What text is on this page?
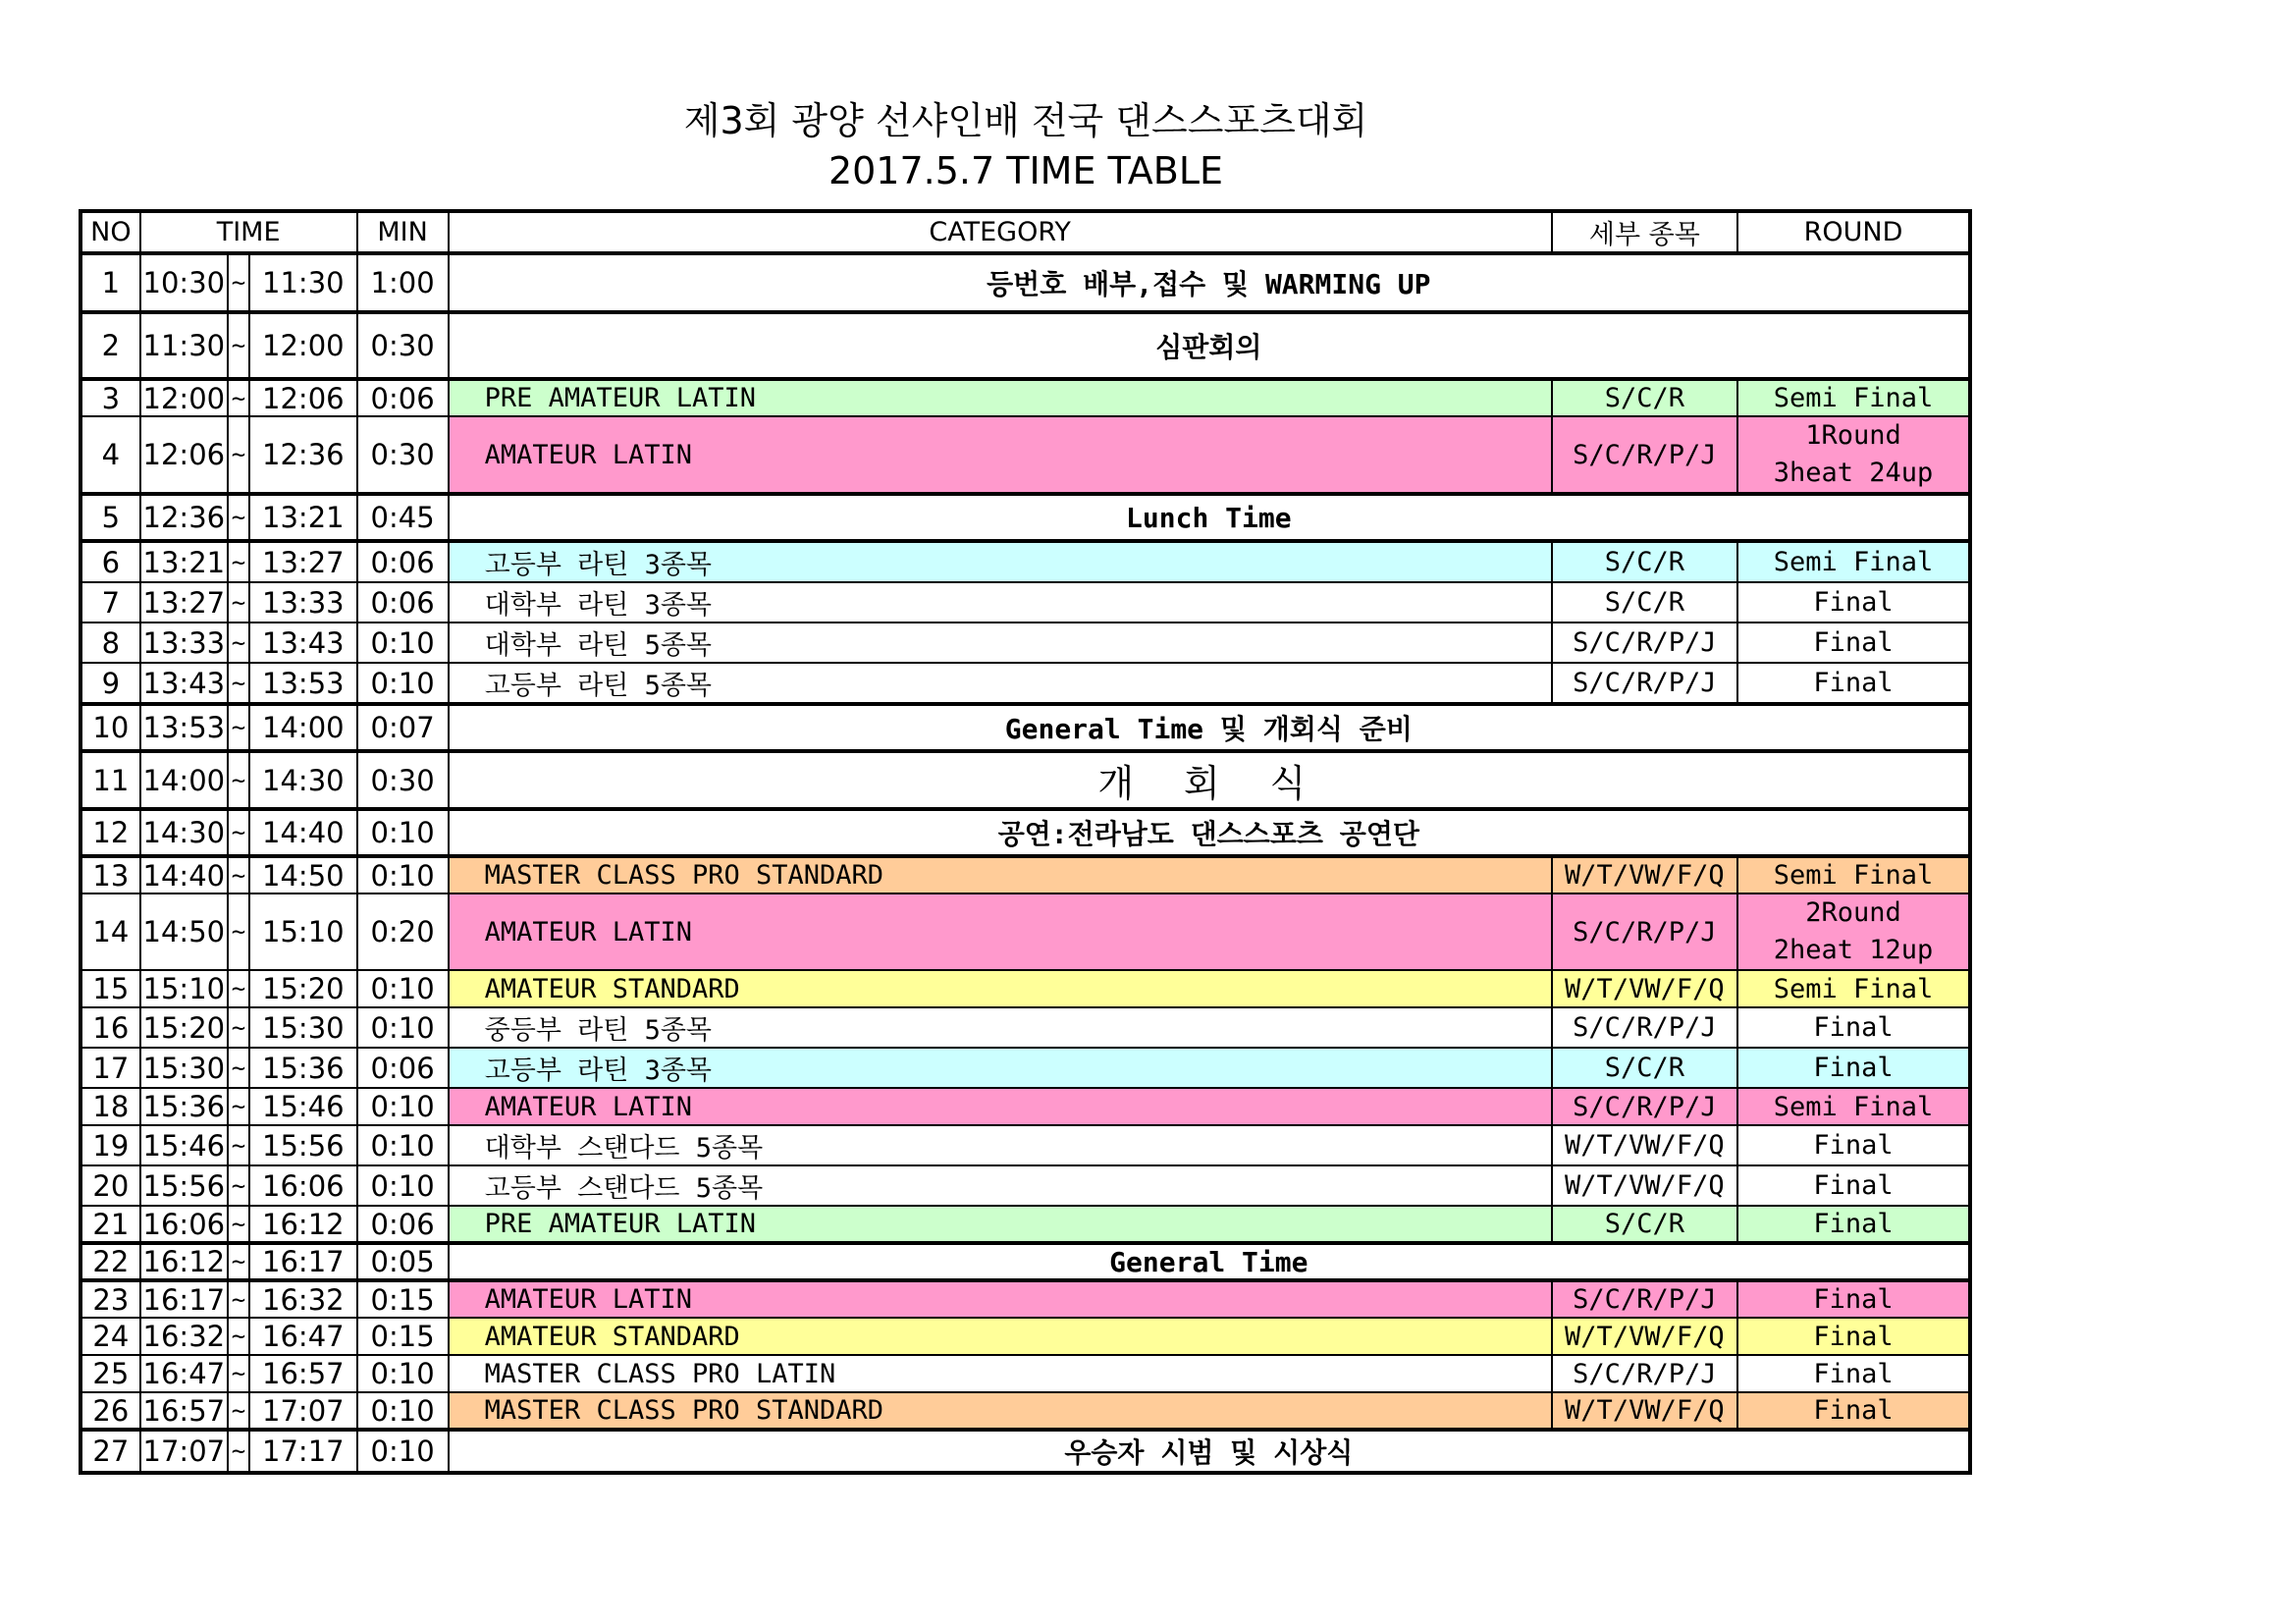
제3회 광양 선샤인배 전국 댄스스포츠대회
2017.5.7 TIME TABLE
NO	TIME			MIN	CATEGORY	세부 종목	ROUND
1	10:30	~	11:30	1:00	등번호 배부,접수 및 WARMING UP		
2	11:30	~	12:00	0:30	심판회의		
3	12:00	~	12:06	0:06	PRE AMATEUR LATIN	S/C/R	Semi Final
4	12:06	~	12:36	0:30	AMATEUR LATIN	S/C/R/P/J	1Round
3heat 24up

5	12:36	~	13:21	0:45	Lunch Time		
6	13:21	~	13:27	0:06	고등부 라틴 3종목	S/C/R	Semi Final
7	13:27	~	13:33	0:06	대학부 라틴 3종목	S/C/R	Final
8	13:33	~	13:43	0:10	대학부 라틴 5종목	S/C/R/P/J	Final
9	13:43	~	13:53	0:10	고등부 라틴 5종목	S/C/R/P/J	Final
10	13:53	~	14:00	0:07	General Time 및 개회식 준비		
11	14:00	~	14:30	0:30	개 회 식		
12	14:30	~	14:40	0:10	공연:전라남도 댄스스포츠 공연단		
13	14:40	~	14:50	0:10	MASTER CLASS PRO STANDARD	W/T/VW/F/Q	Semi Final
14	14:50	~	15:10	0:20	AMATEUR LATIN	S/C/R/P/J	2Round
2heat 12up

15	15:10	~	15:20	0:10	AMATEUR STANDARD	W/T/VW/F/Q	Semi Final
16	15:20	~	15:30	0:10	중등부 라틴 5종목	S/C/R/P/J	Final
17	15:30	~	15:36	0:06	고등부 라틴 3종목	S/C/R	Final
18	15:36	~	15:46	0:10	AMATEUR LATIN	S/C/R/P/J	Semi Final
19	15:46	~	15:56	0:10	대학부 스탠다드 5종목	W/T/VW/F/Q	Final
20	15:56	~	16:06	0:10	고등부 스탠다드 5종목	W/T/VW/F/Q	Final
21	16:06	~	16:12	0:06	PRE AMATEUR LATIN	S/C/R	Final
22	16:12	~	16:17	0:05	General Time		
23	16:17	~	16:32	0:15	AMATEUR LATIN	S/C/R/P/J	Final
24	16:32	~	16:47	0:15	AMATEUR STANDARD	W/T/VW/F/Q	Final
25	16:47	~	16:57	0:10	MASTER CLASS PRO LATIN	S/C/R/P/J	Final
26	16:57	~	17:07	0:10	MASTER CLASS PRO STANDARD	W/T/VW/F/Q	Final
27	17:07	~	17:17	0:10	우승자 시범 및 시상식		
